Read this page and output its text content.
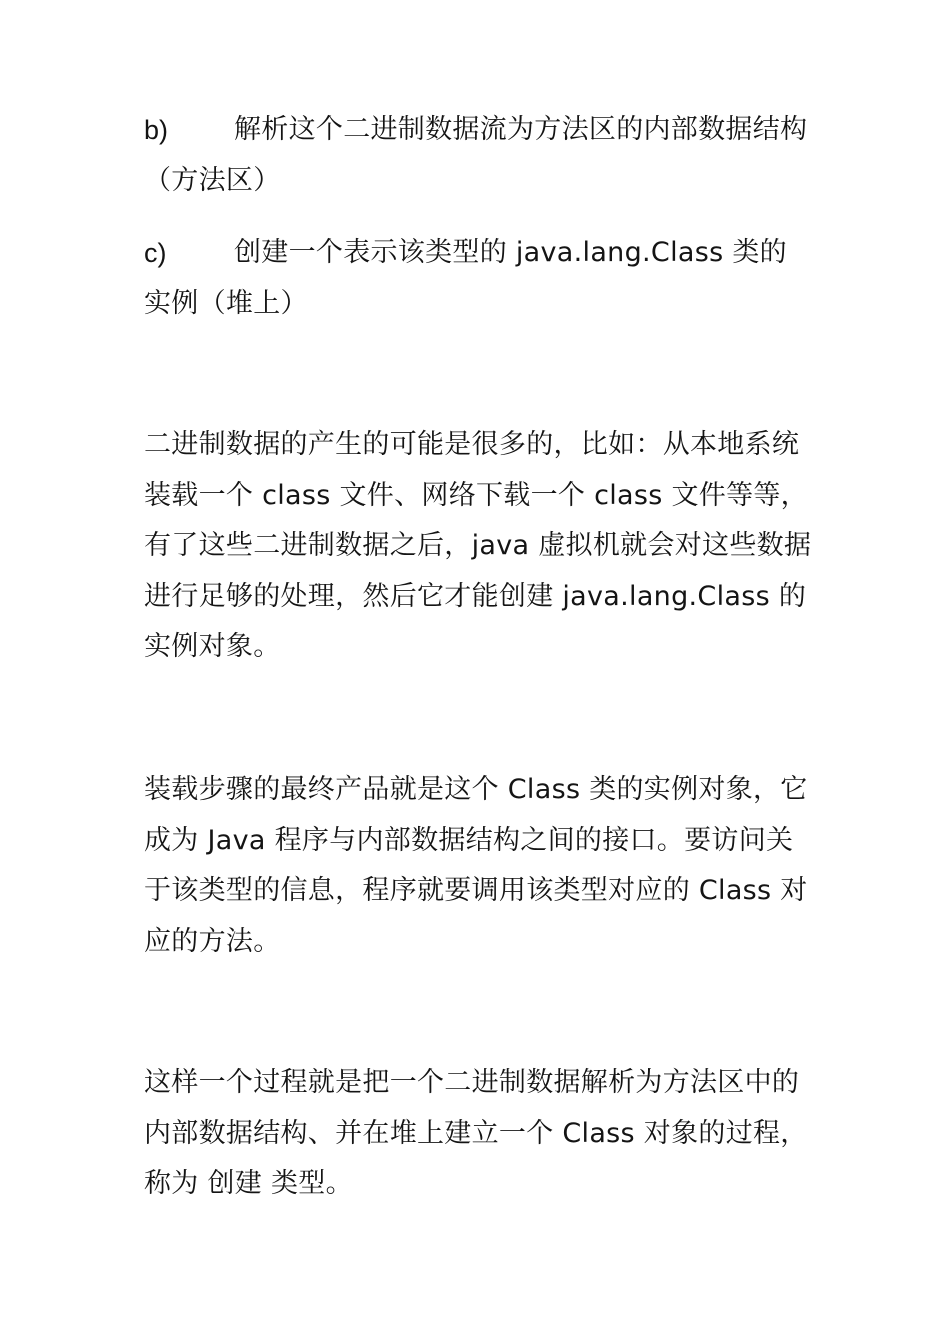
b)	解析这个二进制数据流为方法区的内部数据结构（方法区）
c)	创建一个表示该类型的 java.lang.Class 类的实例（堆上）

二进制数据的产生的可能是很多的，比如：从本地系统装载一个 class 文件、网络下载一个 class 文件等等，有了这些二进制数据之后，java 虚拟机就会对这些数据进行足够的处理，然后它才能创建 java.lang.Class 的实例对象。

装载步骤的最终产品就是这个 Class 类的实例对象，它成为 Java 程序与内部数据结构之间的接口。要访问关于该类型的信息，程序就要调用该类型对应的 Class 对应的方法。

这样一个过程就是把一个二进制数据解析为方法区中的内部数据结构、并在堆上建立一个 Class 对象的过程，称为 创建 类型。
